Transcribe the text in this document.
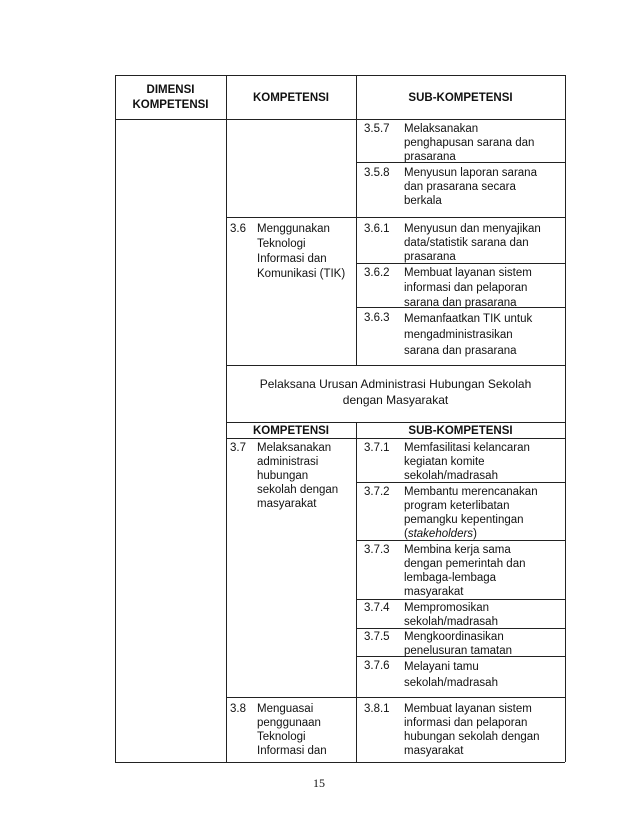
DIMENSI
KOMPETENSI
KOMPETENSI	SUB-KOMPETENSI
3.5.7 Melaksanakan
penghapusan sarana dan
prasarana
3.5.8 Menyusun laporan sarana
dan prasarana secara
berkala
3.6 Menggunakan
Teknologi
Informasi dan
Komunikasi (TIK)
3.6.1 Menyusun dan menyajikan
data/statistik sarana dan
prasarana
3.6.2 Membuat layanan sistem
informasi dan pelaporan
sarana dan prasarana
3.6.3 Memanfaatkan TIK untuk
mengadministrasikan
sarana dan prasarana
Pelaksana Urusan Administrasi Hubungan Sekolah
dengan Masyarakat
KOMPETENSI	SUB-KOMPETENSI
3.7 Melaksanakan
administrasi
hubungan
sekolah dengan
masyarakat
3.7.1 Memfasilitasi kelancaran
kegiatan komite
sekolah/madrasah
3.7.2 Membantu merencanakan
program keterlibatan
pemangku kepentingan
(stakeholders)
3.7.3 Membina kerja sama
dengan pemerintah dan
lembaga-lembaga
masyarakat
3.7.4 Mempromosikan
sekolah/madrasah
3.7.5 Mengkoordinasikan
penelusuran tamatan
3.7.6 Melayani tamu
sekolah/madrasah
3.8 Menguasai
penggunaan
Teknologi
Informasi dan
3.8.1 Membuat layanan sistem
informasi dan pelaporan
hubungan sekolah dengan
masyarakat
15
